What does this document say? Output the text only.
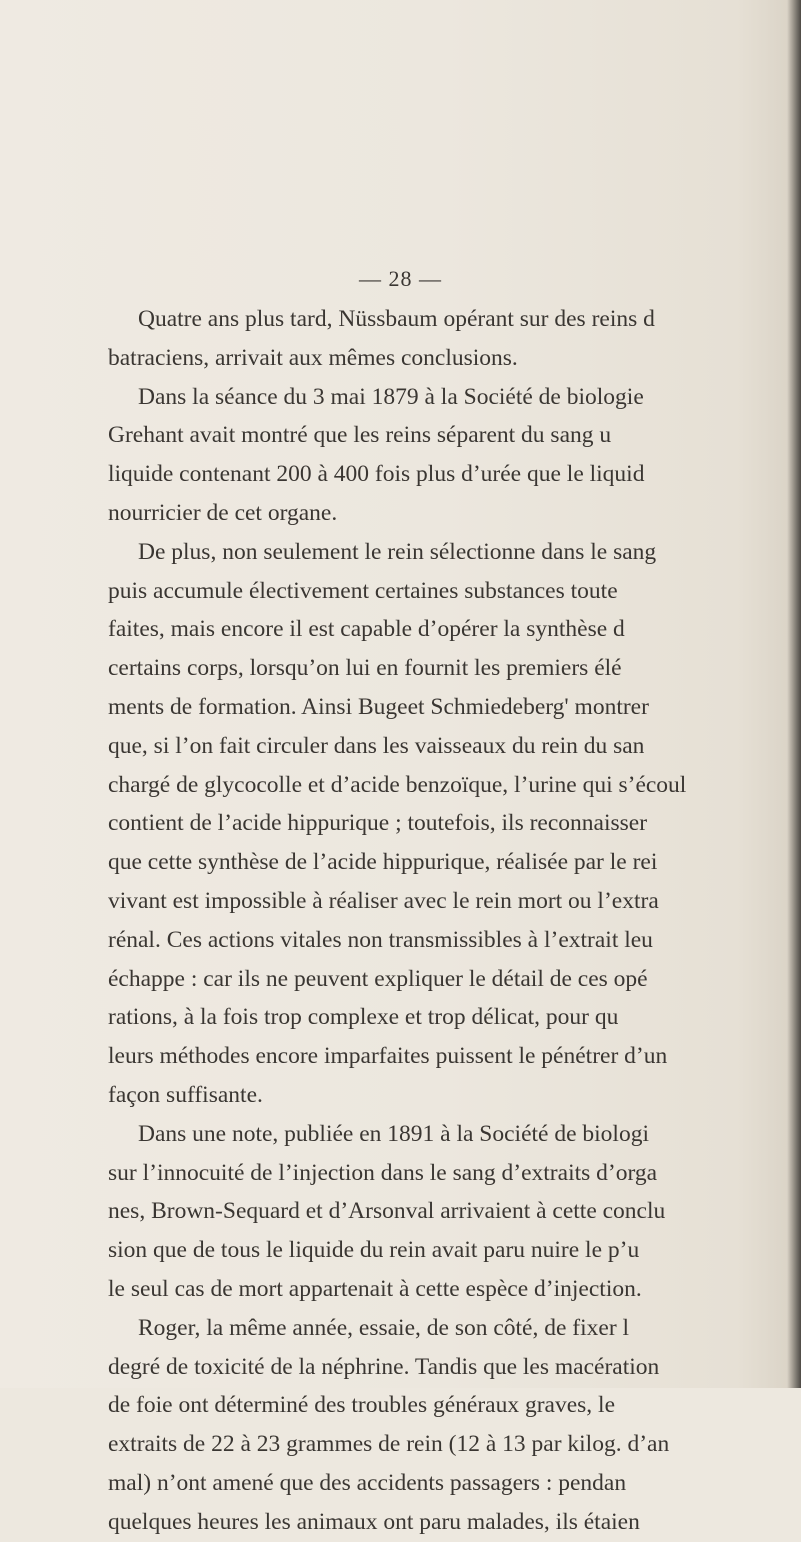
— 28 —
Quatre ans plus tard, Nüssbaum opérant sur des reins d
batraciens, arrivait aux mêmes conclusions.
Dans la séance du 3 mai 1879 à la Société de biologie
Grehant avait montré que les reins séparent du sang u
liquide contenant 200 à 400 fois plus d’urée que le liquid
nourricier de cet organe.
De plus, non seulement le rein sélectionne dans le sang
puis accumule électivement certaines substances toute
faites, mais encore il est capable d’opérer la synthèse d
certains corps, lorsqu’on lui en fournit les premiers élé
ments de formation. Ainsi Bugeet Schmiedeberg' montrer
que, si l’on fait circuler dans les vaisseaux du rein du san
chargé de glycocolle et d’acide benzoïque, l’urine qui s’écoul
contient de l’acide hippurique ; toutefois, ils reconnaisser
que cette synthèse de l’acide hippurique, réalisée par le rei
vivant est impossible à réaliser avec le rein mort ou l’extra
rénal. Ces actions vitales non transmissibles à l’extrait leu
échappe : car ils ne peuvent expliquer le détail de ces opé
rations, à la fois trop complexe et trop délicat, pour qu
leurs méthodes encore imparfaites puissent le pénétrer d’un
façon suffisante.
Dans une note, publiée en 1891 à la Société de biologi
sur l’innocuité de l’injection dans le sang d’extraits d’orga
nes, Brown-Sequard et d’Arsonval arrivaient à cette conclu
sion que de tous le liquide du rein avait paru nuire le p’u
le seul cas de mort appartenait à cette espèce d’injection.
Roger, la même année, essaie, de son côté, de fixer l
degré de toxicité de la néphrine. Tandis que les macération
de foie ont déterminé des troubles généraux graves, le
extraits de 22 à 23 grammes de rein (12 à 13 par kilog. d’an
mal) n’ont amené que des accidents passagers : pendan
quelques heures les animaux ont paru malades, ils étaien
